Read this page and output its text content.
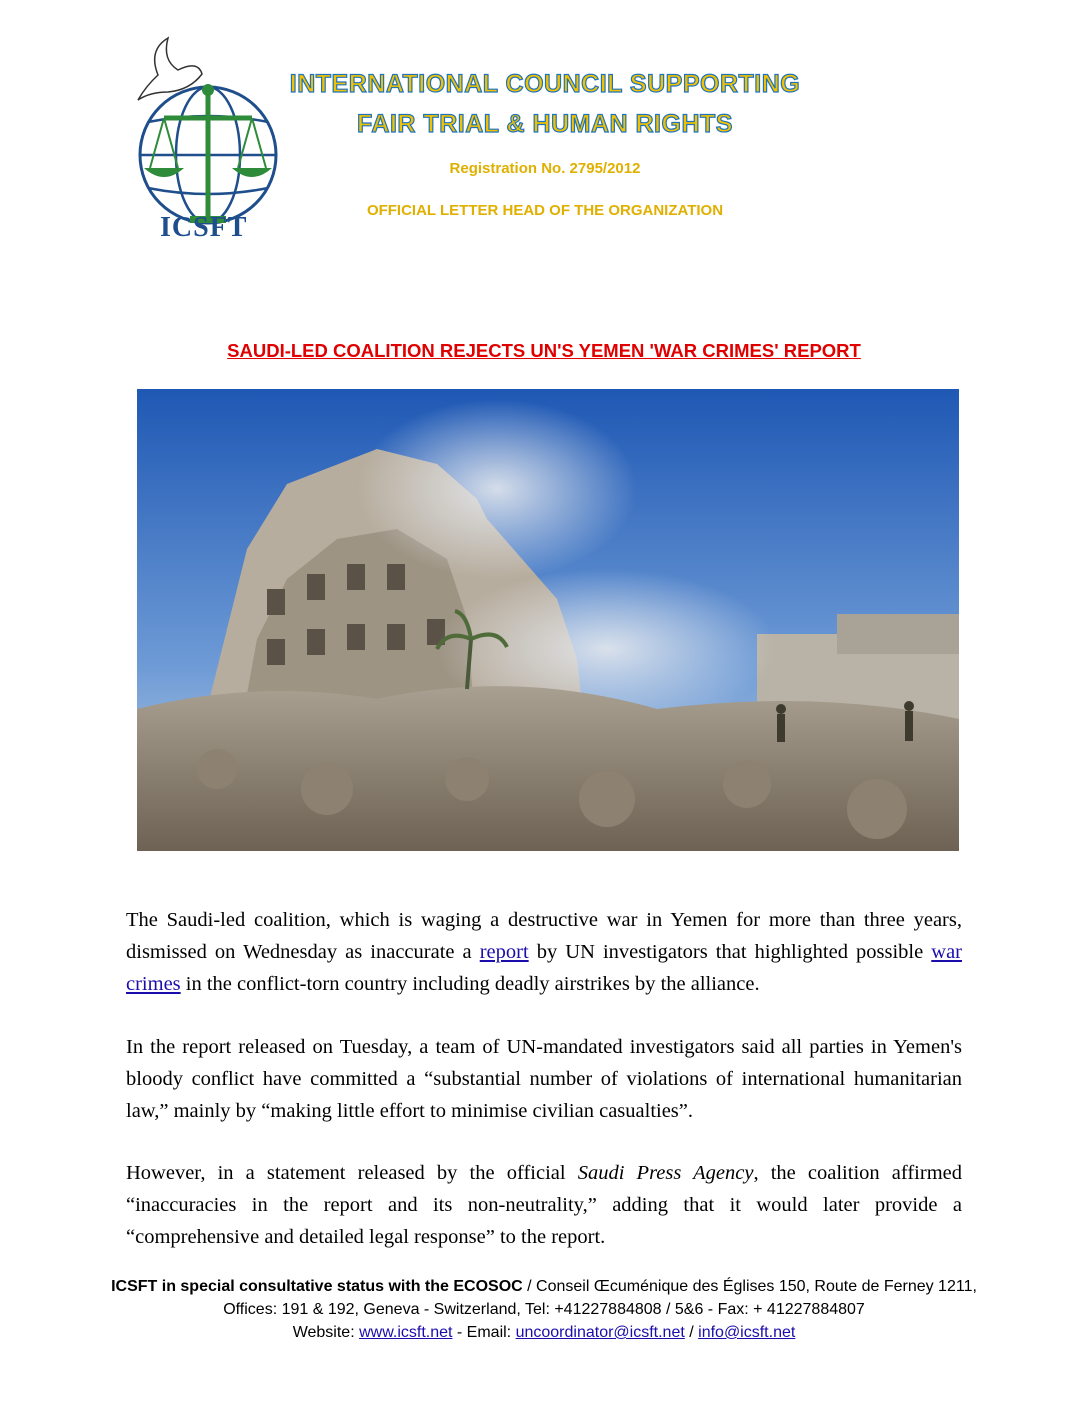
ICSFT
INTERNATIONAL COUNCIL SUPPORTING
FAIR TRIAL & HUMAN RIGHTS
Registration No. 2795/2012
OFFICIAL LETTER HEAD OF THE ORGANIZATION
SAUDI-LED COALITION REJECTS UN'S YEMEN 'WAR CRIMES' REPORT
The Saudi-led coalition, which is waging a destructive war in Yemen for more than three years, dismissed on Wednesday as inaccurate a report by UN investigators that highlighted possible war crimes in the conflict-torn country including deadly airstrikes by the alliance.
In the report released on Tuesday, a team of UN-mandated investigators said all parties in Yemen's bloody conflict have committed a “substantial number of violations of international humanitarian law,” mainly by “making little effort to minimise civilian casualties”.
However, in a statement released by the official Saudi Press Agency, the coalition affirmed “inaccuracies in the report and its non-neutrality,” adding that it would later provide a “comprehensive and detailed legal response” to the report.
ICSFT in special consultative status with the ECOSOC / Conseil Œcuménique des Églises 150, Route de Ferney 1211, Offices: 191 & 192, Geneva - Switzerland, Tel: +41227884808 / 5&6 - Fax: + 41227884807
Website: www.icsft.net - Email: uncoordinator@icsft.net / info@icsft.net
